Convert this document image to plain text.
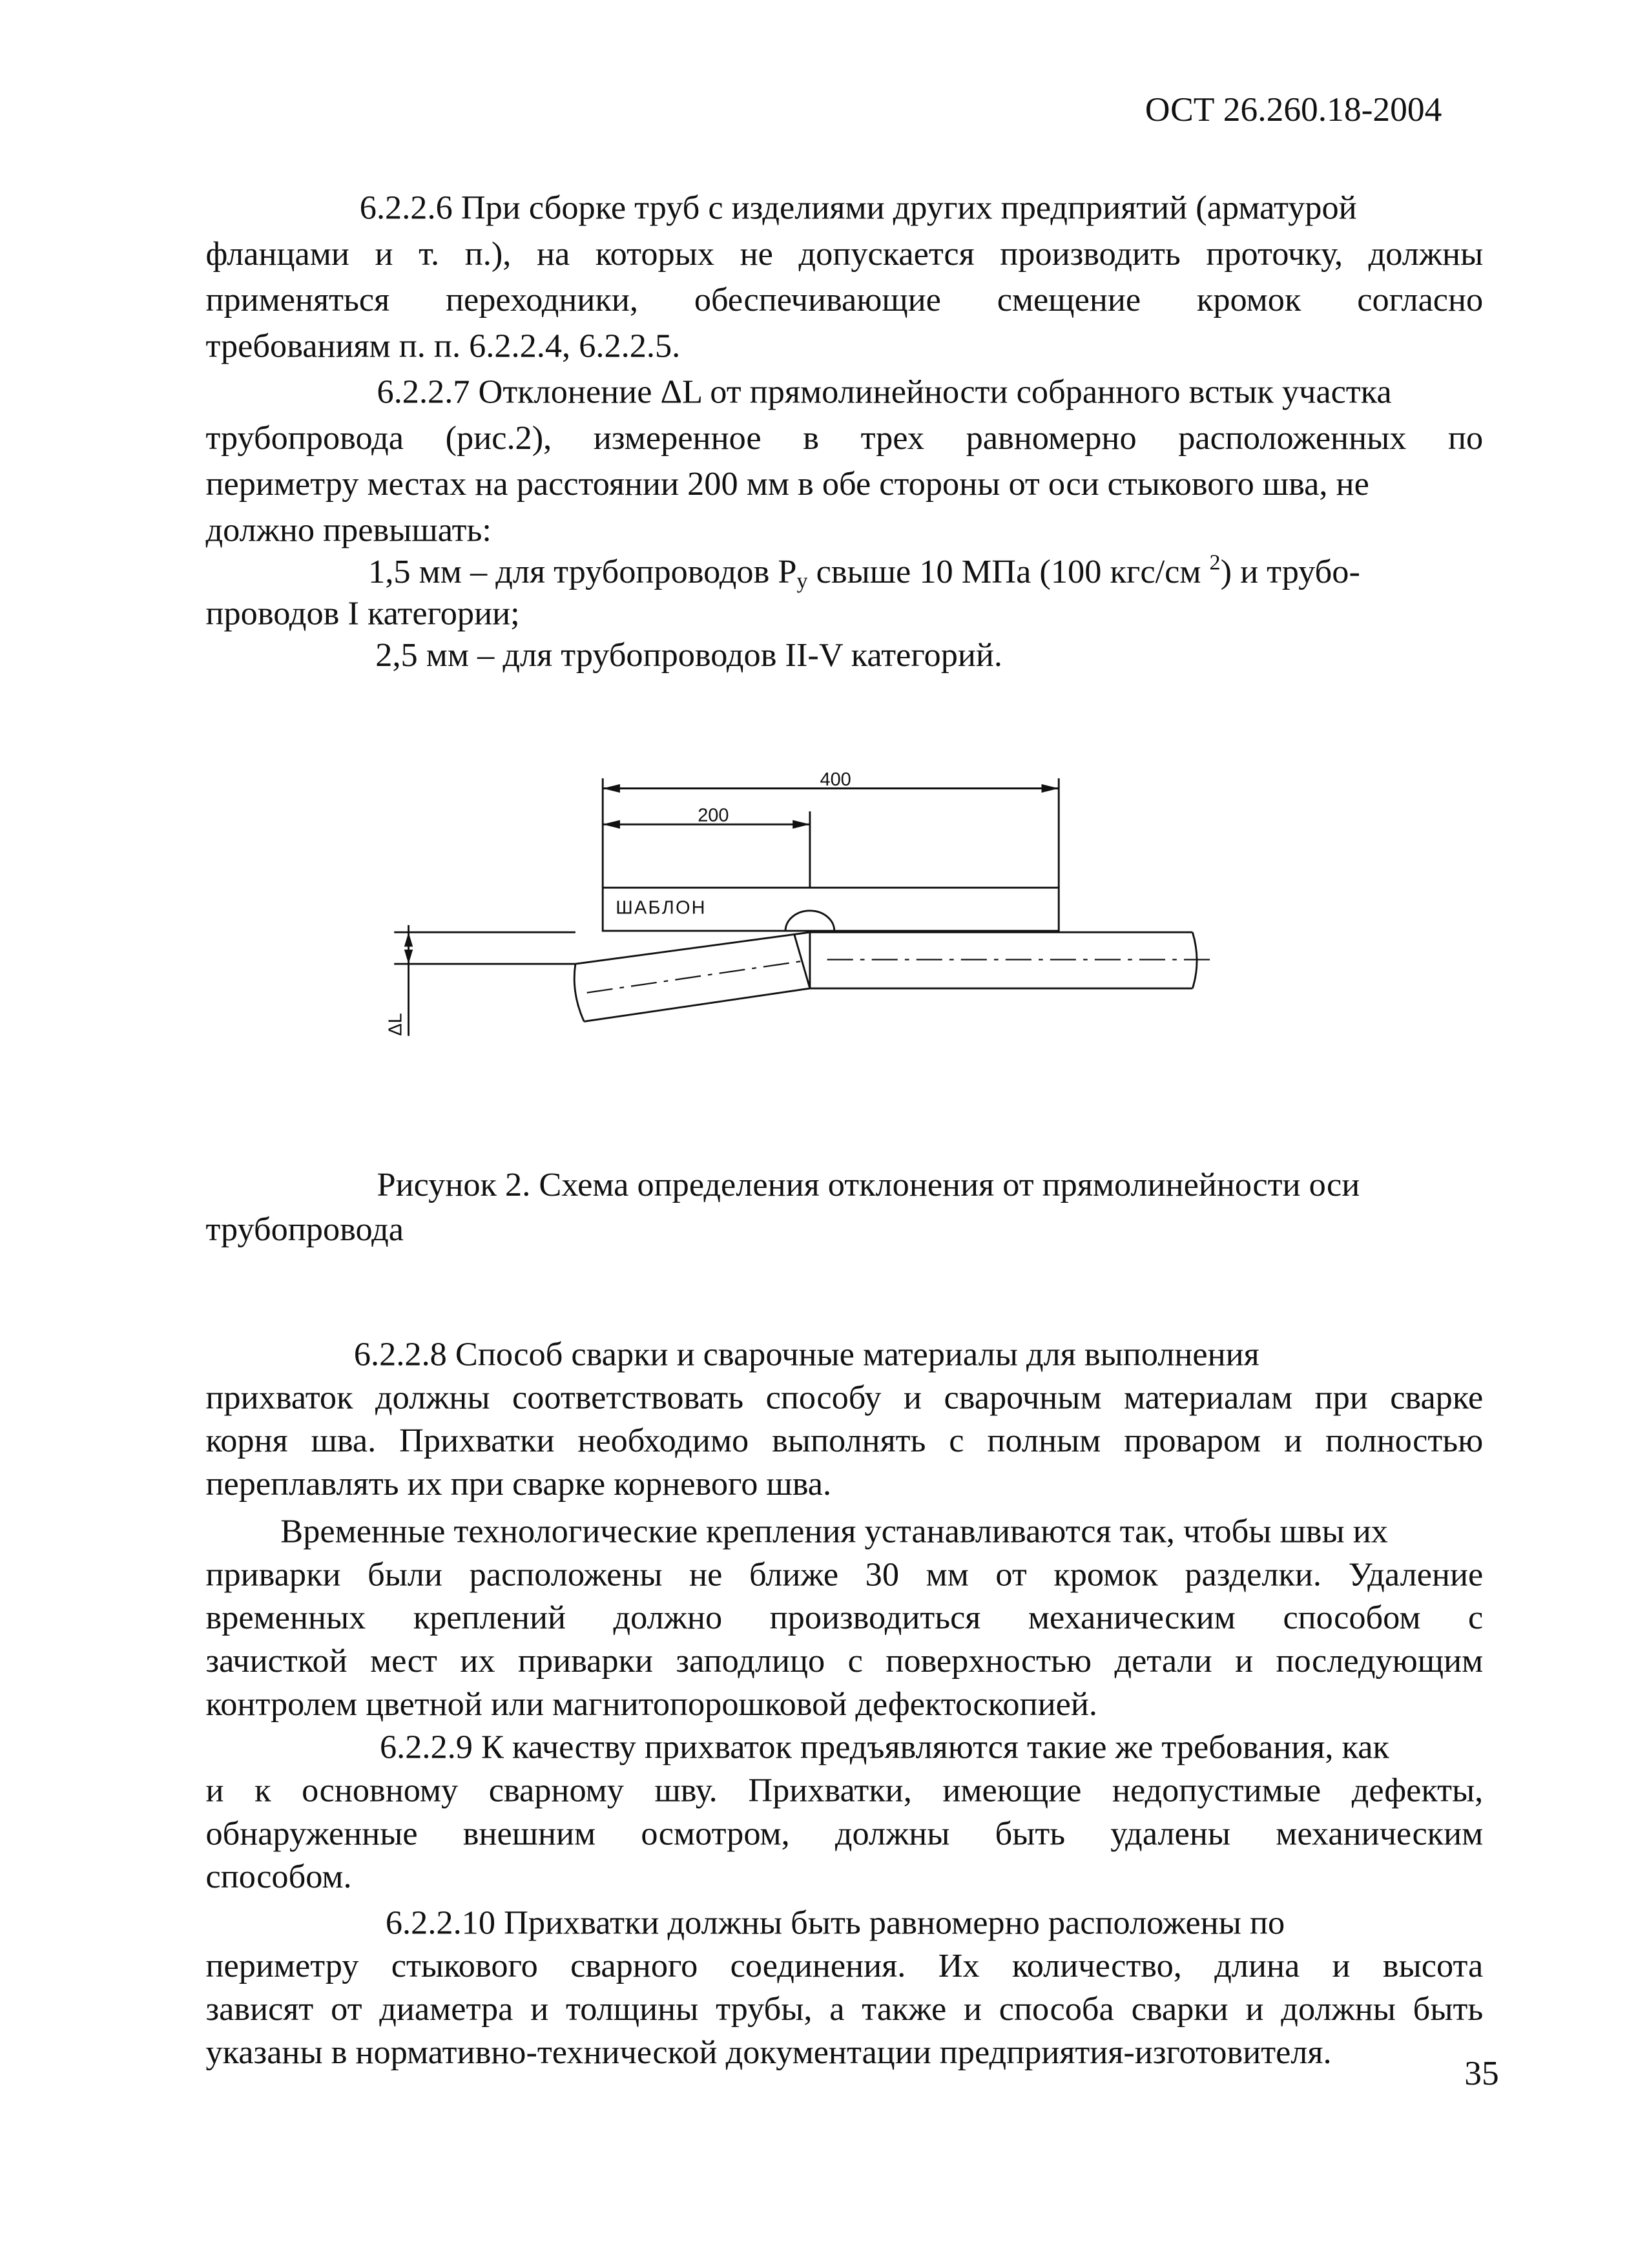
ОСТ 26.260.18-2004
6.2.2.6 При сборке труб с изделиями других предприятий (арматурой
фланцами и т. п.), на которых не допускается производить проточку, должны
применяться переходники, обеспечивающие смещение кромок согласно
требованиям п. п. 6.2.2.4, 6.2.2.5.
6.2.2.7 Отклонение ΔL от прямолинейности собранного встык участка
трубопровода (рис.2), измеренное в трех равномерно расположенных по
периметру местах на расстоянии 200 мм в обе стороны от оси стыкового шва, не
должно превышать:
1,5 мм – для трубопроводов $P_у$ свыше 10 МПа (100 кгс/см $^2$) и трубо-
проводов I категории;
2,5 мм – для трубопроводов II-V категорий.
400
200
ШАБЛОН
ΔL
Рисунок 2. Схема определения отклонения от прямолинейности оси
трубопровода
6.2.2.8 Способ сварки и сварочные материалы для выполнения
прихваток должны соответствовать способу и сварочным материалам при сварке
корня шва. Прихватки необходимо выполнять с полным проваром и полностью
переплавлять их при сварке корневого шва.
Временные технологические крепления устанавливаются так, чтобы швы их
приварки были расположены не ближе 30 мм от кромок разделки. Удаление
временных креплений должно производиться механическим способом с
зачисткой мест их приварки заподлицо с поверхностью детали и последующим
контролем цветной или магнитопорошковой дефектоскопией.
6.2.2.9 К качеству прихваток предъявляются такие же требования, как
и к основному сварному шву. Прихватки, имеющие недопустимые дефекты,
обнаруженные внешним осмотром, должны быть удалены механическим
способом.
6.2.2.10 Прихватки должны быть равномерно расположены по
периметру стыкового сварного соединения. Их количество, длина и высота
зависят от диаметра и толщины трубы, а также и способа сварки и должны быть
указаны в нормативно-технической документации предприятия-изготовителя.
35
